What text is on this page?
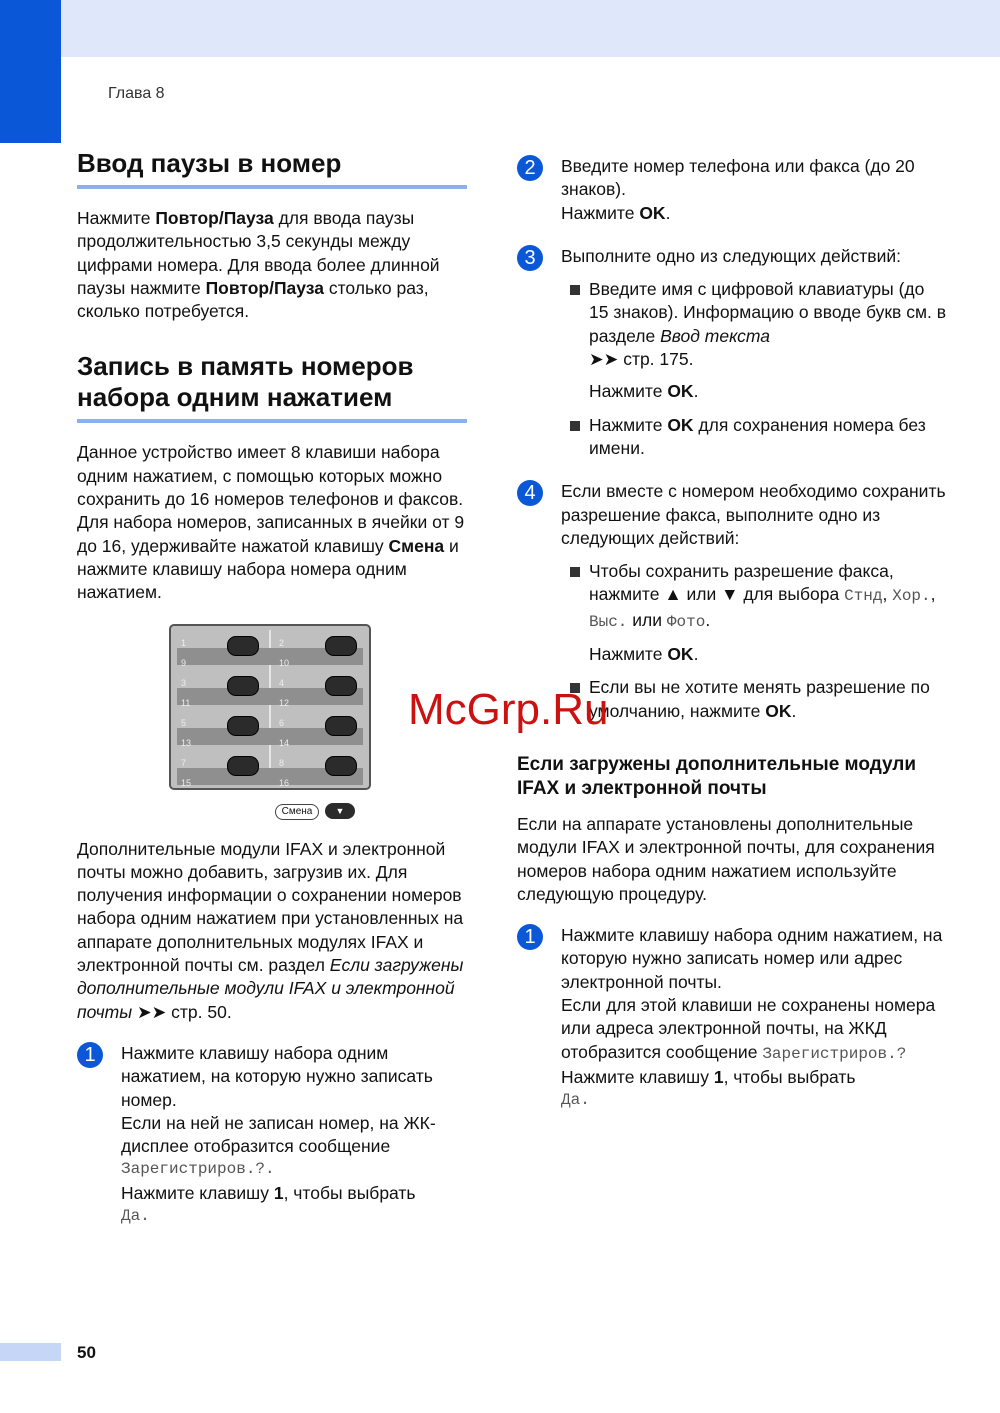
Глава 8
Ввод паузы в номер

Нажмите Повтор/Пауза для ввода паузы продолжительностью 3,5 секунды между цифрами номера. Для ввода более длинной паузы нажмите Повтор/Пауза столько раз, сколько потребуется.

Запись в память номеров
набора одним нажатием

Данное устройство имеет 8 клавиши набора одним нажатием, с помощью которых можно сохранить до 16 номеров телефонов и факсов. Для набора номеров, записанных в ячейки от 9 до 16, удерживайте нажатой клавишу Смена и нажмите клавишу набора номера одним нажатием.

1
9
2
10
3
11
4
12
5
13
6
14
7
15
8
16
Смена	▼

Дополнительные модули IFAX и электронной почты можно добавить, загрузив их. Для получения информации о сохранении номеров набора одним нажатием при установленных на аппарате дополнительных модулях IFAX и электронной почты см. раздел Если загружены дополнительные модули IFAX и электронной почты ➤➤ стр. 50.

1	Нажмите клавишу набора одним нажатием, на которую нужно записать номер.

Если на ней не записан номер, на ЖК-дисплее отобразится сообщение

Зарегистриров.?.

Нажмите клавишу 1, чтобы выбрать

Да.

2	Введите номер телефона или факса (до 20 знаков).

Нажмите OK.

3	Выполните одно из следующих действий:

Введите имя с цифровой клавиатуры (до 15 знаков). Информацию о вводе букв см. в разделе Ввод текста

➤➤ стр. 175.

Нажмите OK.

Нажмите OK для сохранения номера без имени.

4	Если вместе с номером необходимо сохранить разрешение факса, выполните одно из следующих действий:

Чтобы сохранить разрешение факса, нажмите ▲ или ▼ для выбора Стнд, Хор., Выс. или Фото.

Нажмите OK.

Если вы не хотите менять разрешение по умолчанию, нажмите OK.

Если загружены дополнительные модули IFAX и электронной почты

Если на аппарате установлены дополнительные модули IFAX и электронной почты, для сохранения номеров набора одним нажатием используйте следующую процедуру.

1	Нажмите клавишу набора одним нажатием, на которую нужно записать номер или адрес электронной почты.

Если для этой клавиши не сохранены номера или адреса электронной почты, на ЖКД отобразится сообщение Зарегистриров.?

Нажмите клавишу 1, чтобы выбрать

Да.

McGrp.Ru
50
